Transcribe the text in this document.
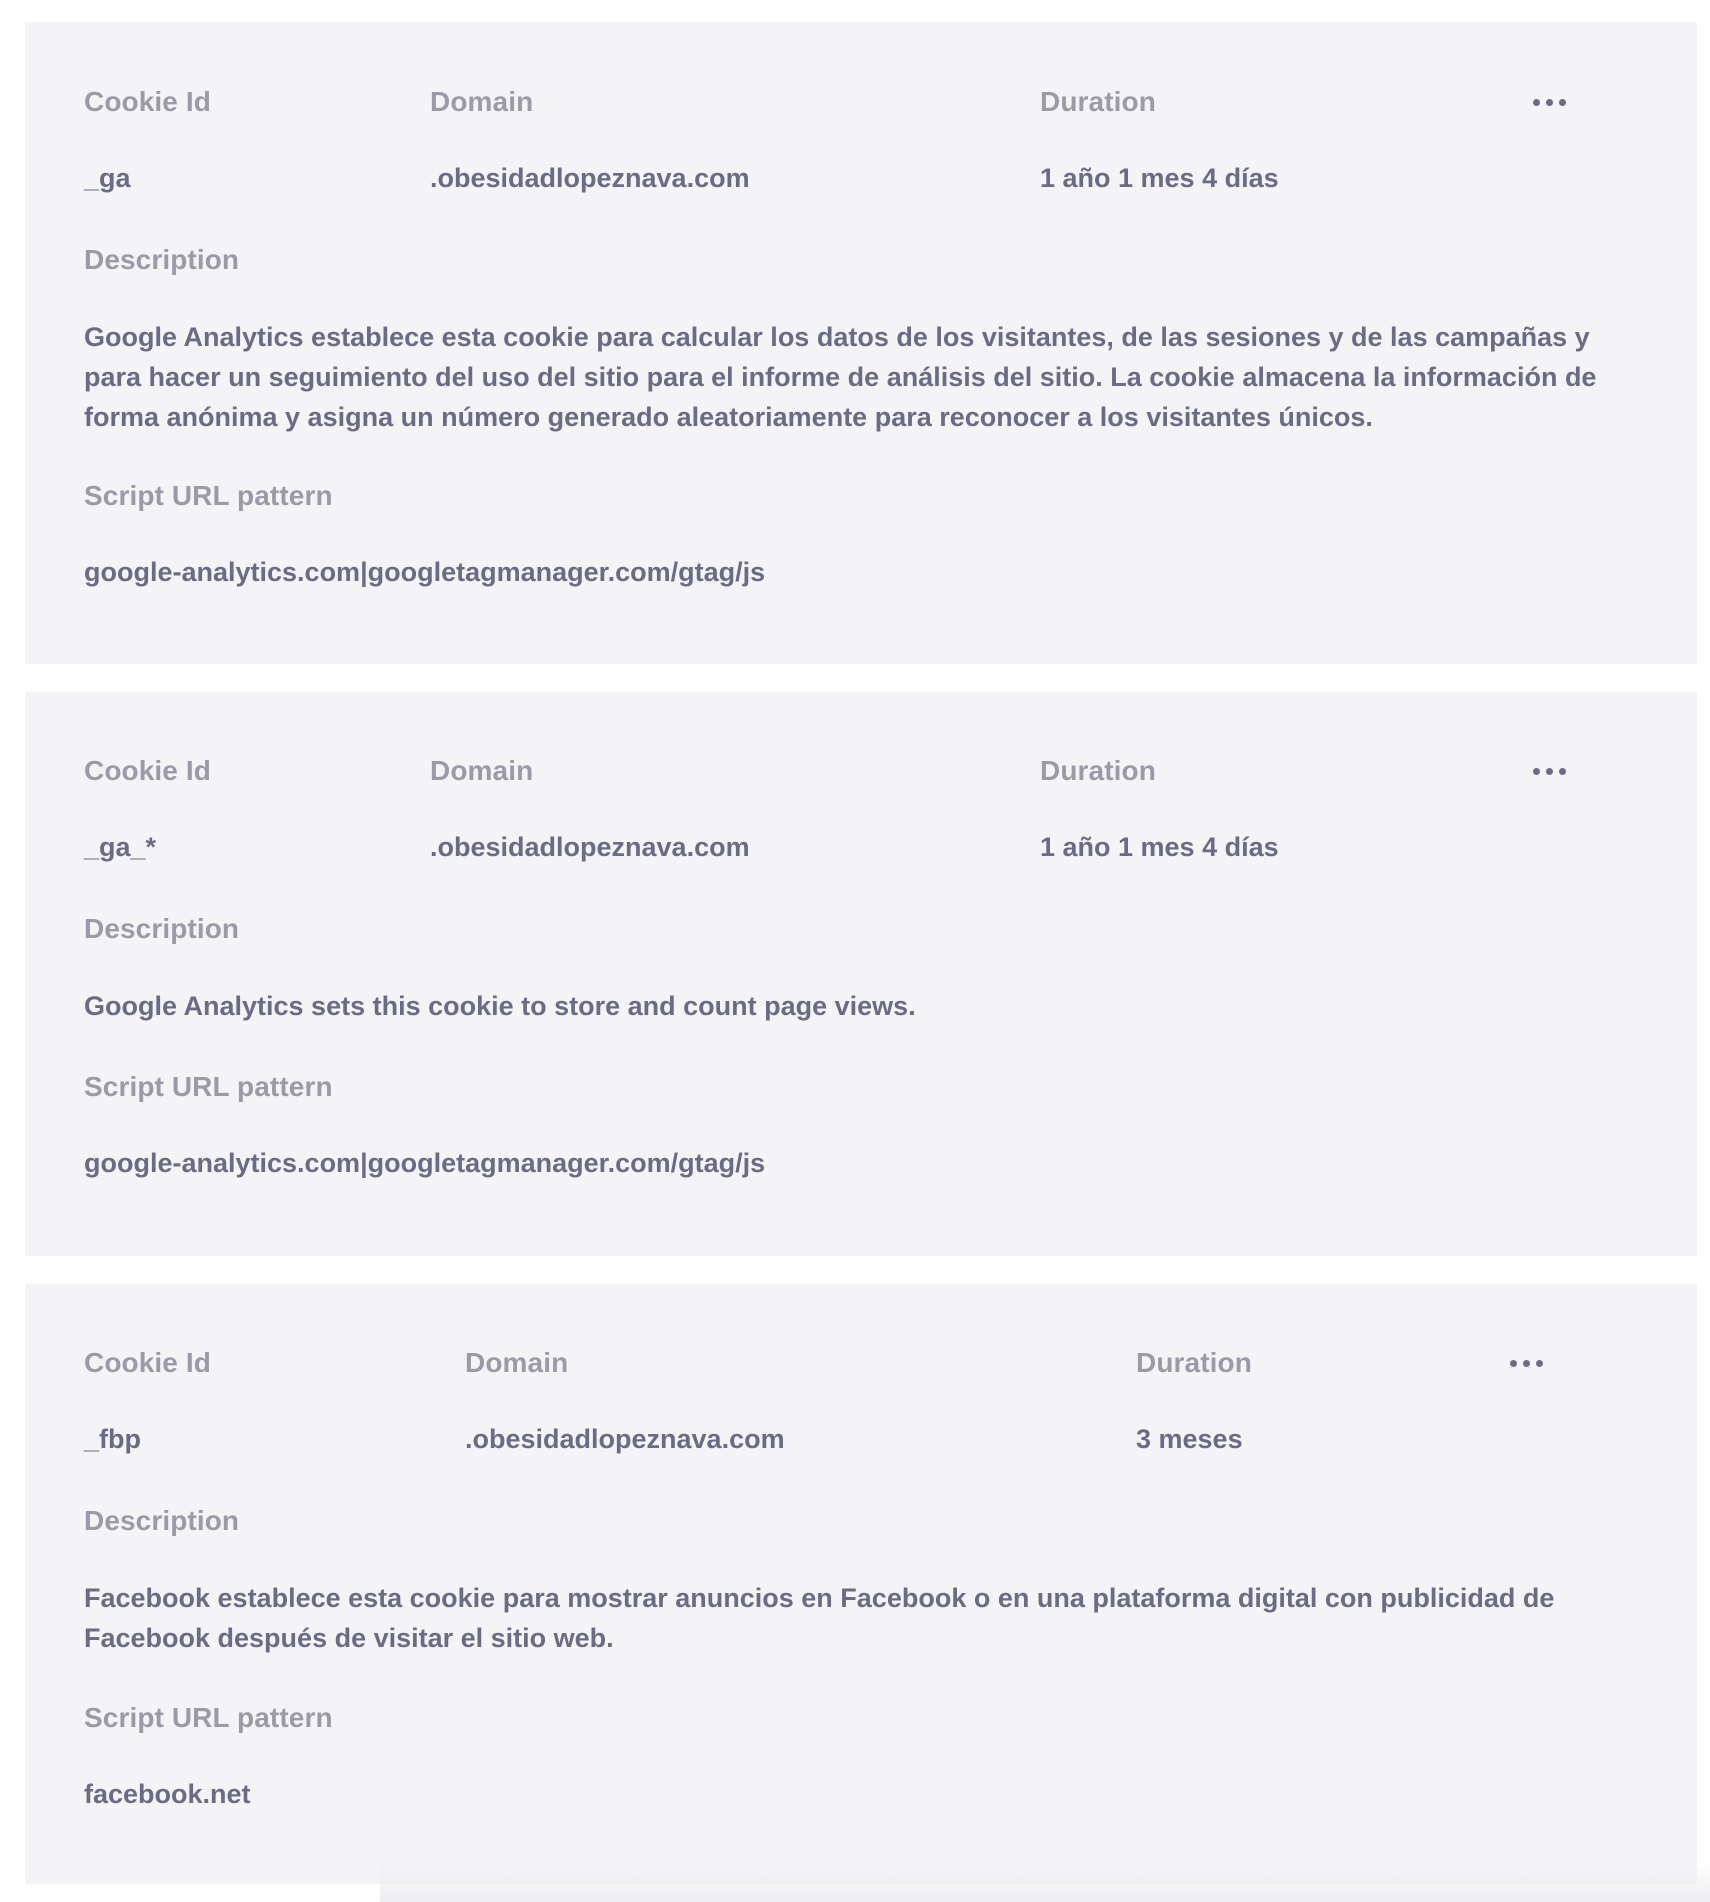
Cookie Id	Domain	Duration
_ga	.obesidadlopeznava.com	1 año 1 mes 4 días
Description

Google Analytics establece esta cookie para calcular los datos de los visitantes, de las sesiones y de las campañas y para hacer un seguimiento del uso del sitio para el informe de análisis del sitio. La cookie almacena la información de forma anónima y asigna un número generado aleatoriamente para reconocer a los visitantes únicos.

Script URL pattern
google-analytics.com|googletagmanager.com/gtag/js
Cookie Id	Domain	Duration
_ga_*	.obesidadlopeznava.com	1 año 1 mes 4 días
Description

Google Analytics sets this cookie to store and count page views.

Script URL pattern
google-analytics.com|googletagmanager.com/gtag/js
Cookie Id	Domain	Duration
_fbp	.obesidadlopeznava.com	3 meses
Description

Facebook establece esta cookie para mostrar anuncios en Facebook o en una plataforma digital con publicidad de Facebook después de visitar el sitio web.

Script URL pattern
facebook.net
